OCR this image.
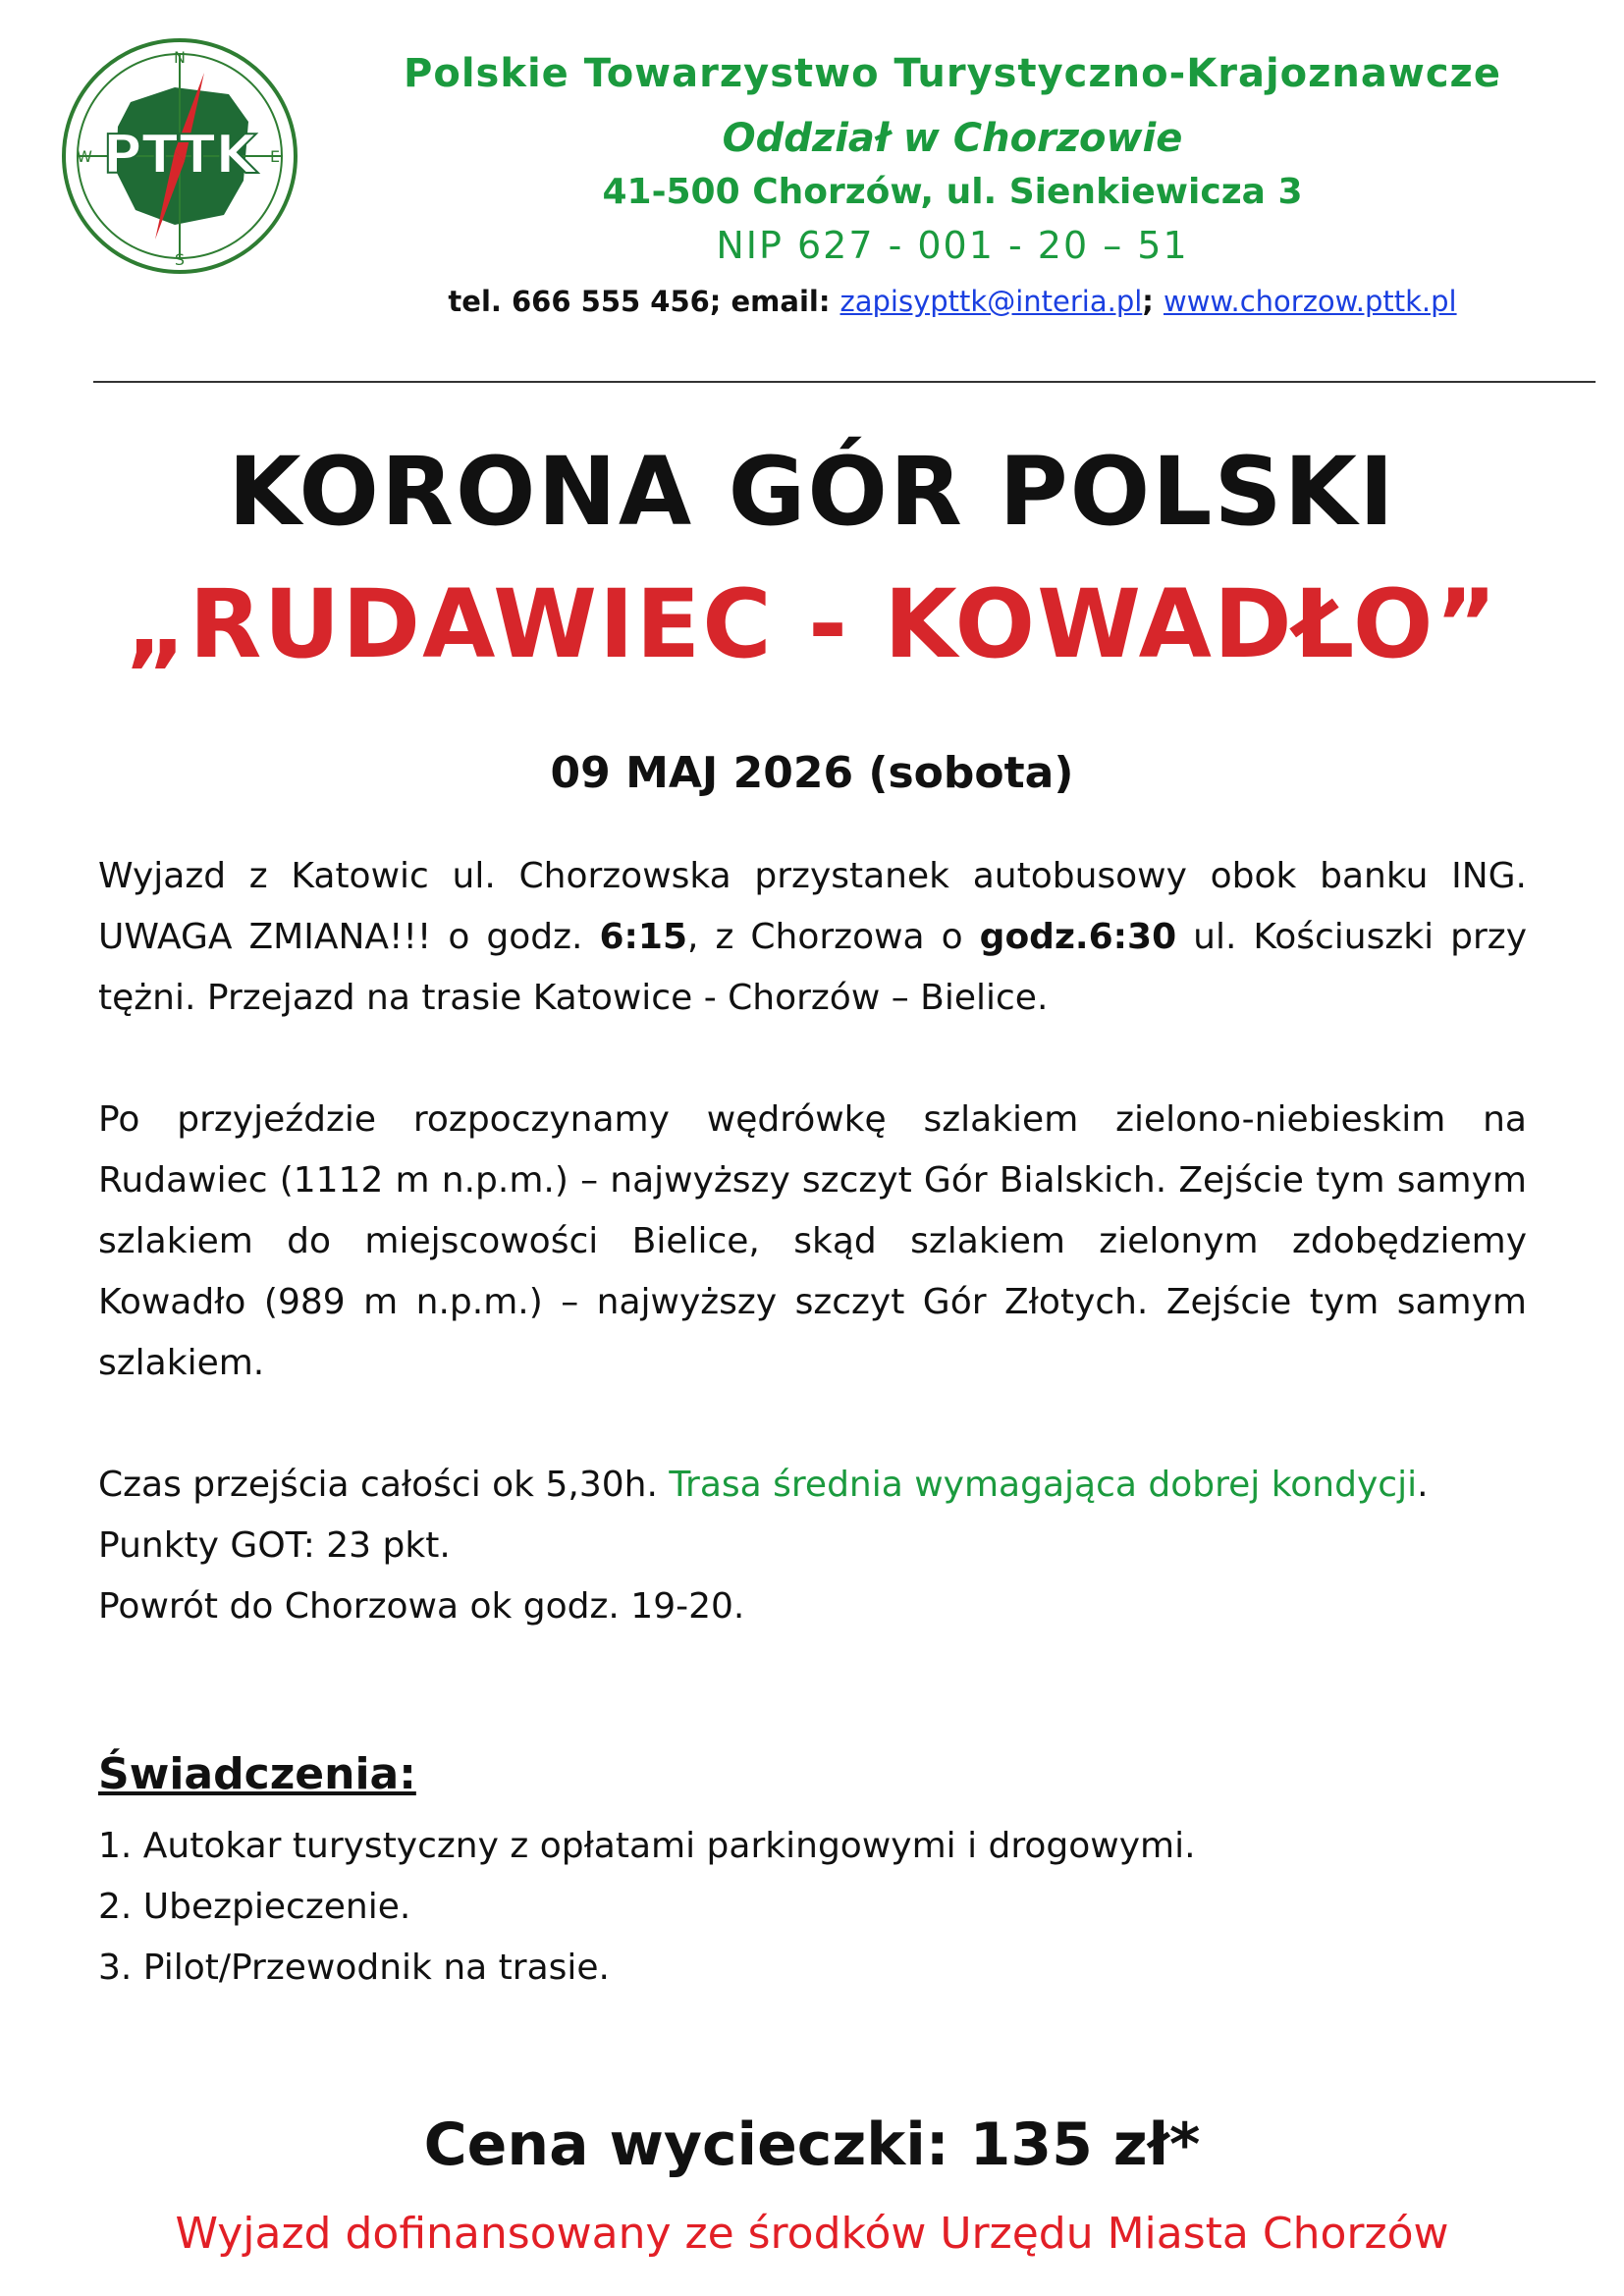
PTTK
N
S
E
W
Polskie Towarzystwo Turystyczno-Krajoznawcze
Oddział w Chorzowie
41-500 Chorzów, ul. Sienkiewicza 3
NIP 627 - 001 - 20 – 51
tel. 666 555 456; email: zapisypttk@interia.pl; www.chorzow.pttk.pl
KORONA GÓR POLSKI
„RUDAWIEC - KOWADŁO”
09 MAJ 2026 (sobota)
Wyjazd z Katowic ul. Chorzowska przystanek autobusowy obok banku ING. UWAGA ZMIANA!!! o godz. 6:15, z Chorzowa o godz.6:30 ul. Kościuszki przy tężni. Przejazd na trasie Katowice - Chorzów – Bielice.
Po przyjeździe rozpoczynamy wędrówkę szlakiem zielono-niebieskim na Rudawiec (1112 m n.p.m.) – najwyższy szczyt Gór Bialskich. Zejście tym samym szlakiem do miejscowości Bielice, skąd szlakiem zielonym zdobędziemy Kowadło (989 m n.p.m.) – najwyższy szczyt Gór Złotych. Zejście tym samym szlakiem.

Czas przejścia całości ok 5,30h. Trasa średnia wymagająca dobrej kondycji.

Punkty GOT: 23 pkt.

Powrót do Chorzowa ok godz. 19-20.

Świadczenia:
1. Autokar turystyczny z opłatami parkingowymi i drogowymi.
2. Ubezpieczenie.
3. Pilot/Przewodnik na trasie.
Cena wycieczki: 135 zł*
Wyjazd dofinansowany ze środków Urzędu Miasta Chorzów
